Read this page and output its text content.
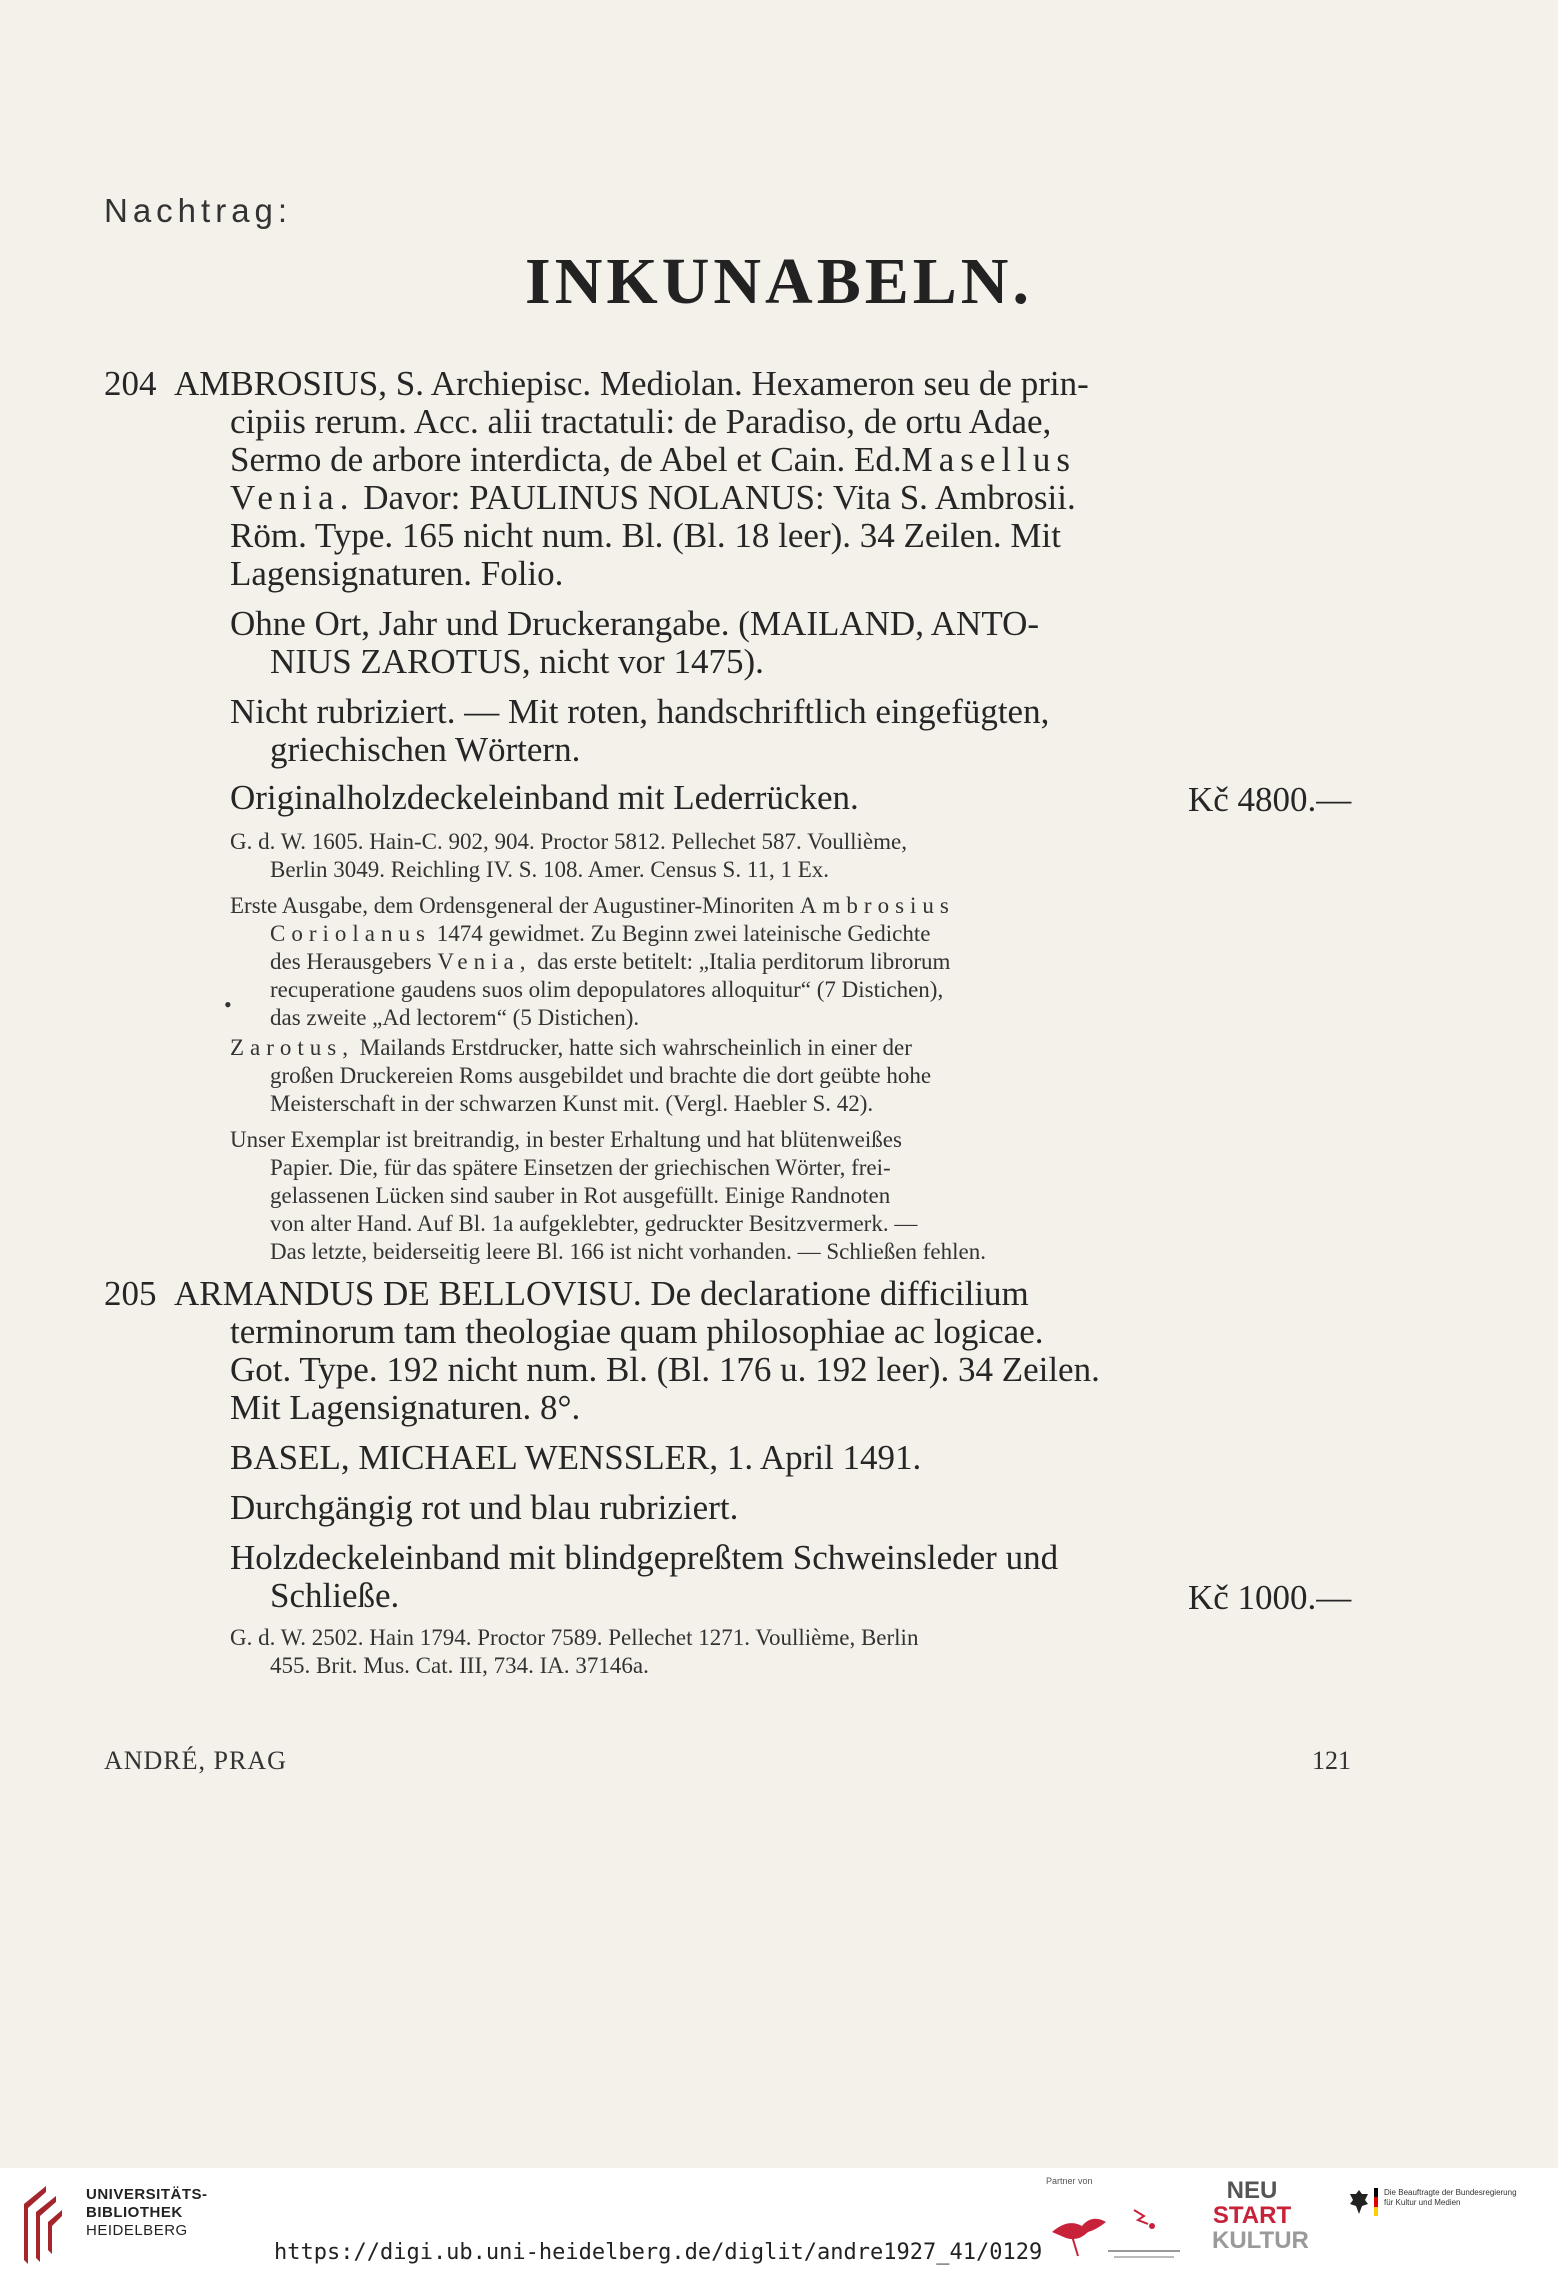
Nachtrag:
INKUNABELN.
204 AMBROSIUS, S. Archiepisc. Mediolan. Hexameron seu de prin-
cipiis rerum. Acc. alii tractatuli: de Paradiso, de ortu Adae,
Sermo de arbore interdicta, de Abel et Cain. Ed.Masellus
Venia. Davor: PAULINUS NOLANUS: Vita S. Ambrosii.
Röm. Type. 165 nicht num. Bl. (Bl. 18 leer). 34 Zeilen. Mit
Lagensignaturen. Folio.
Ohne Ort, Jahr und Druckerangabe. (MAILAND, ANTO-
NIUS ZAROTUS, nicht vor 1475).
Nicht rubriziert. — Mit roten, handschriftlich eingefügten,
griechischen Wörtern.
Originalholzdeckeleinband mit Lederrücken.	Kč 4800.—
G. d. W. 1605. Hain-C. 902, 904. Proctor 5812. Pellechet 587. Voullième,
Berlin 3049. Reichling IV. S. 108. Amer. Census S. 11, 1 Ex.
Erste Ausgabe, dem Ordensgeneral der Augustiner-Minoriten Ambrosius
Coriolanus 1474 gewidmet. Zu Beginn zwei lateinische Gedichte
des Herausgebers Venia, das erste betitelt: „Italia perditorum librorum
recuperatione gaudens suos olim depopulatores alloquitur“ (7 Distichen),
das zweite „Ad lectorem“ (5 Distichen).
•
Zarotus, Mailands Erstdrucker, hatte sich wahrscheinlich in einer der
großen Druckereien Roms ausgebildet und brachte die dort geübte hohe
Meisterschaft in der schwarzen Kunst mit. (Vergl. Haebler S. 42).
Unser Exemplar ist breitrandig, in bester Erhaltung und hat blütenweißes
Papier. Die, für das spätere Einsetzen der griechischen Wörter, frei-
gelassenen Lücken sind sauber in Rot ausgefüllt. Einige Randnoten
von alter Hand. Auf Bl. 1a aufgeklebter, gedruckter Besitzvermerk. —
Das letzte, beiderseitig leere Bl. 166 ist nicht vorhanden. — Schließen fehlen.
205 ARMANDUS DE BELLOVISU. De declaratione difficilium
terminorum tam theologiae quam philosophiae ac logicae.
Got. Type. 192 nicht num. Bl. (Bl. 176 u. 192 leer). 34 Zeilen.
Mit Lagensignaturen. 8°.
BASEL, MICHAEL WENSSLER, 1. April 1491.
Durchgängig rot und blau rubriziert.
Holzdeckeleinband mit blindgepreßtem Schweinsleder und
Schließe.	Kč 1000.—
G. d. W. 2502. Hain 1794. Proctor 7589. Pellechet 1271. Voullième, Berlin
455. Brit. Mus. Cat. III, 734. IA. 37146a.
ANDRÉ, PRAG	121
UNIVERSITÄTS-
BIBLIOTHEK
HEIDELBERG
https://digi.ub.uni-heidelberg.de/diglit/andre1927_41/0129
Partner von	NEU
START
KULTUR
Die Beauftragte der Bundesregierung
für Kultur und Medien
